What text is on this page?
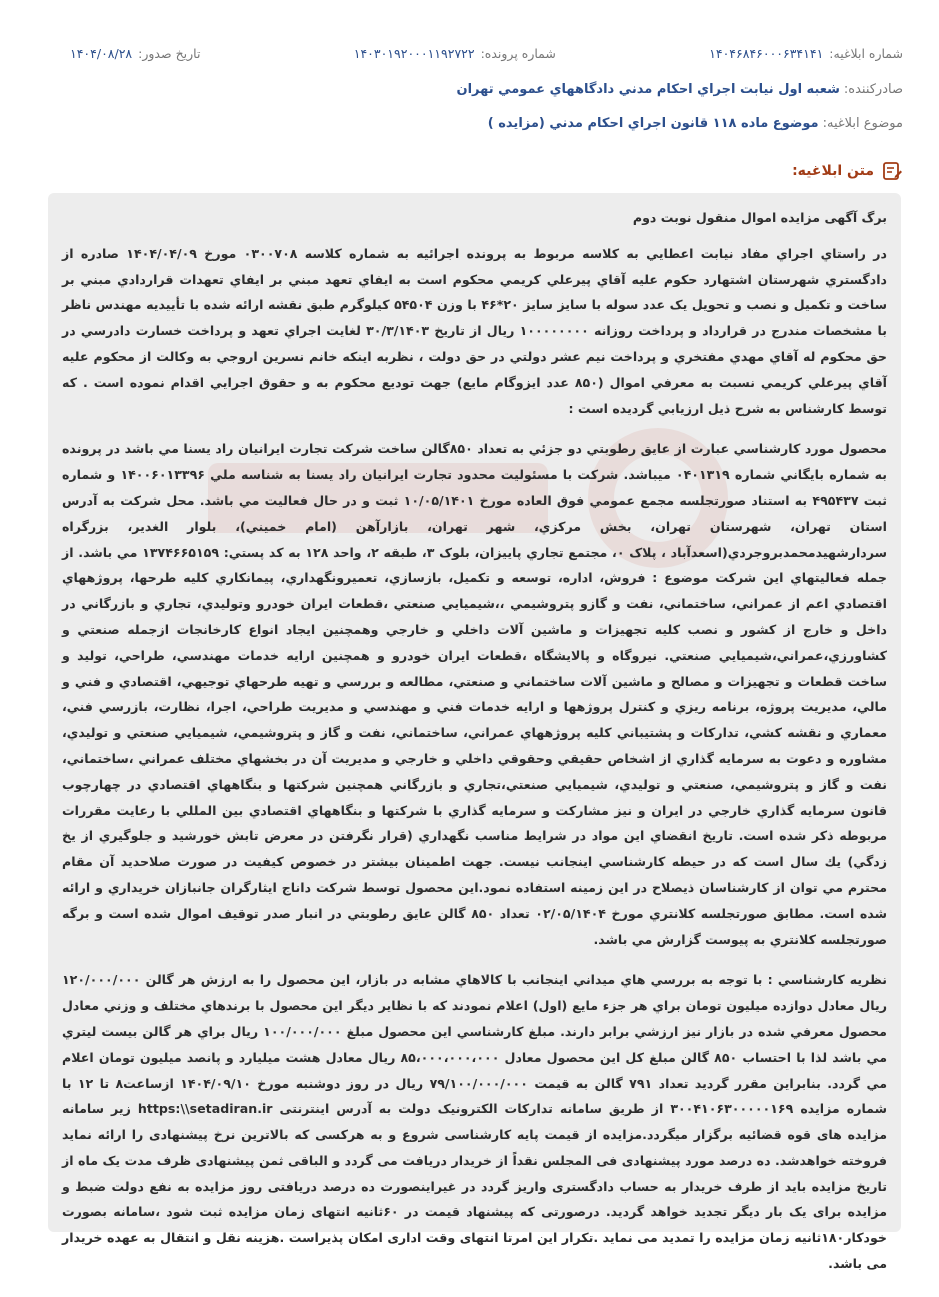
شماره ابلاغيه:۱۴۰۴۶۸۴۶۰۰۰۶۳۴۱۴۱
شماره پرونده:۱۴۰۳۰۱۹۲۰۰۰۱۱۹۲۷۲۲
تاريخ صدور:۱۴۰۴/۰۸/۲۸
صادرکننده:شعبه اول نيابت اجراي احكام مدني دادگاههاي عمومي تهران
موضوع ابلاغيه:موضوع ماده ۱۱۸ قانون اجراي احكام مدني (مزايده )
متن ابلاغيه:

برگ آگهی مزايده اموال منقول نوبت دوم

در راستاي اجراي مفاد نيابت اعطايي به كلاسه مربوط به پرونده اجرائيه به شماره كلاسه ۰۳۰۰۷۰۸ مورخ ۱۴۰۴/۰۴/۰۹ صادره از دادگستري شهرستان اشتهارد حکوم عليه آقاي پيرعلي كريمي محكوم است به ايفاي تعهد مبني بر ايفاي تعهدات قراردادي مبني بر ساخت و تكميل و نصب و تحويل يک عدد سوله با سايز سايز ۲۰*۴۶ با وزن ۵۴۵۰۴ كيلوگرم طبق نقشه ارائه شده با تأييديه مهندس ناظر با مشخصات مندرج در قرارداد و پرداخت روزانه ۱۰۰۰۰۰۰۰۰ ريال از تاريخ ۳۰/۳/۱۴۰۳ لغايت اجراي تعهد و پرداخت خسارت دادرسي در حق محكوم له آقاي مهدي مفتخري و پرداخت نيم عشر دولتي در حق دولت ، نظربه اينكه خانم نسرين اروجي به وكالت از محكوم عليه آقاي پيرعلي كريمي نسبت به معرفي اموال (۸۵۰ عدد ايزوگام مايع) جهت توديع محکوم به و حقوق اجرايي اقدام نموده است . كه توسط كارشناس به شرح ذيل ارزيابي گرديده است :

محصول مورد كارشناسي عبارت از عايق رطوبتي دو جزئي به تعداد ۸۵۰گالن ساخت شركت تجارت ايرانيان راد يسنا مي باشد در پرونده به شماره بايگاني شماره ۰۴۰۱۳۱۹ ميباشد. شركت با مسئوليت محدود تجارت ايرانيان راد يسنا به شناسه ملي ۱۴۰۰۶۰۱۳۳۹۶ و شماره ثبت ۴۹۵۴۳۷ به استناد صورتجلسه مجمع عمومي فوق العاده مورخ ۱۰/۰۵/۱۴۰۱ ثبت و در حال فعاليت مي باشد. محل شركت به آدرس استان تهران، شهرستان تهران، بخش مركزي، شهر تهران، بازارآهن (امام خميني)، بلوار الغدير، بزرگراه سردارشهيدمحمدبروجردي(اسعدآباد ، پلاک ۰، مجتمع تجاري پاييزان، بلوک ۳، طبقه ۲، واحد ۱۲۸ به کد پستي: ۱۳۷۴۶۶۵۱۵۹ مي باشد. از جمله فعالیتهاي این شرکت موضوع : فروش، اداره، توسعه و تکميل، بازسازي، تعميرونگهداري، پيمانكاري كليه طرحها، پروژههاي اقتصادي اعم از عمراني، ساختماني، نفت و گازو پتروشيمي ،،شيميايي صنعتي ،قطعات ايران خودرو وتوليدي، تجاري و بازرگاني در داخل و خارج از کشور و نصب کليه تجهيزات و ماشين آلات داخلي و خارجي وهمچنين ايجاد انواع كارخانجات ازجمله صنعتي و كشاورزي،عمراني،شيميايي صنعتي. نيروگاه و پالايشگاه ،قطعات ايران خودرو و همچنين ارايه خدمات مهندسي، طراحي، توليد و ساخت قطعات و تجهيزات و مصالح و ماشين آلات ساختماني و صنعتي، مطالعه و بررسي و تهيه طرحهاي توجيهي، اقتصادي و فني و مالي، مديريت پروژه، برنامه ريزي و كنترل پروژهها و ارايه خدمات فني و مهندسي و مديريت طراحي، اجرا، نظارت، بازرسي فني، معماري و نقشه كشي، تداركات و پشتيباني كليه پروژههاي عمراني، ساختماني، نفت و گاز و پتروشيمي، شيميايي صنعتي و توليدي، مشاوره و دعوت به سرمايه گذاري از اشخاص حقيقي وحقوقي داخلي و خارجي و مديريت آن در بخشهاي مختلف عمراني ،ساختماني، نفت و گاز و پتروشيمي، صنعتي و توليدي، شيميايي صنعتي،تجاري و بازرگاني همچنين شركتها و بنگاههاي اقتصادي در چهارچوب قانون سرمايه گذاري خارجي در ايران و نيز مشاركت و سرمايه گذاري با شركتها و بنگاههاي اقتصادي بين المللي با رعايت مقررات مربوطه ذكر شده است. تاريخ انقضاي اين مواد در شرايط مناسب نگهداري (قرار نگرفتن در معرض تابش خورشيد و جلوگيري از يخ زدگي) يك سال است كه در حيطه كارشناسي اينجانب نيست. جهت اطمينان بيشتر در خصوص كيفيت در صورت صلاحديد آن مقام محترم مي توان از كارشناسان ذيصلاح در اين زمينه استفاده نمود.اين محصول توسط شركت داناج ايثارگران جانبازان خريداري و ارائه شده است. مطابق صورتجلسه كلانتري مورخ ۰۲/۰۵/۱۴۰۴ تعداد ۸۵۰ گالن عايق رطوبتي در انبار صدر توقيف اموال شده است و برگه صورتجلسه كلانتري به پيوست گزارش مي باشد.

نظريه كارشناسي : با توجه به بررسي هاي ميداني اينجانب با كالاهاي مشابه در بازار، اين محصول را به ارزش هر گالن ۱۲۰/۰۰۰/۰۰۰ ريال معادل دوازده ميليون تومان براي هر جزء مايع (اول) اعلام نمودند كه با نظاير ديگر اين محصول با برندهاي مختلف و وزني معادل محصول معرفي شده در بازار نيز ارزشي برابر دارند. مبلغ كارشناسي اين محصول مبلغ ۱۰۰/۰۰۰/۰۰۰ ريال براي هر گالن بيست ليتري مي باشد لذا با احتساب ۸۵۰ گالن مبلغ كل اين محصول معادل ۸۵،۰۰۰،۰۰۰،۰۰۰ ريال معادل هشت ميليارد و پانصد ميليون تومان اعلام مي گردد. بنابراين مقرر گرديد تعداد ۷۹۱ گالن به قيمت ۷۹/۱۰۰/۰۰۰/۰۰۰ ريال در روز دوشنبه مورخ ۱۴۰۴/۰۹/۱۰ ازساعت۸ تا ۱۲ با شماره مزايده ۳۰۰۴۱۰۶۳۰۰۰۰۰۱۶۹ از طريق سامانه تداركات الكترونيک دولت به آدرس اينترنتی https:\\setadiran.ir زير سامانه مزايده هاى قوه قضائيه برگزار ميگردد.مزايده از قيمت پايه كارشناسى شروع و به هركسى كه بالاترين نرخ پيشنهادى را ارائه نمايد فروخته خواهدشد. ده درصد مورد پيشنهادى فى المجلس نقداً از خريدار دريافت مى گردد و الباقى ثمن پيشنهادى ظرف مدت يک ماه از تاريخ مزايده بايد از طرف خريدار به حساب دادگسترى واريز گردد در غيراينصورت ده درصد دريافتى روز مزايده به نفع دولت ضبط و مزايده براى يک بار ديگر تجديد خواهد گرديد. درصورتى كه پيشنهاد قيمت در ۶۰ثانيه انتهاى زمان مزايده ثبت شود ،سامانه بصورت خودكار۱۸۰ثانيه زمان مزايده را تمديد مى نمايد .تكرار اين امرتا انتهاى وقت ادارى امكان پذيراست .هزينه نقل و انتقال به عهده خريدار مى باشد.
